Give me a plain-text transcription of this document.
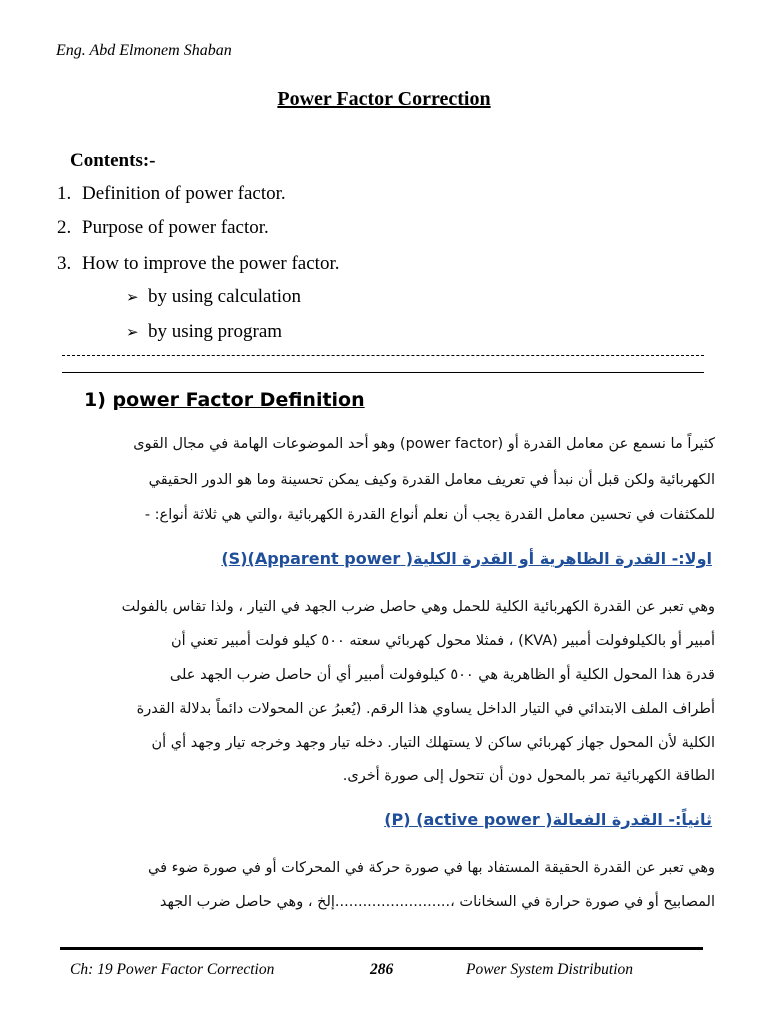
Eng. Abd Elmonem Shaban
Power Factor Correction
Contents:-
1. Definition of power factor.
2. Purpose of power factor.
3. How to improve the power factor.
➢ by using calculation
➢ by using program
1) power Factor Definition
كثيراً ما نسمع عن معامل القدرة أو (power factor) وهو أحد الموضوعات الهامة في مجال القوى
الكهربائية ولكن قبل أن نبدأ في تعريف معامل القدرة وكيف يمكن تحسينة وما هو الدور الحقيقي
للمكثفات في تحسين معامل القدرة يجب أن نعلم أنواع القدرة الكهربائية ،والتي هي ثلاثة أنواع: -
اولا:- القدرة الظاهرية أو القدرة الكلية( Apparent power)(S)
وهي تعبر عن القدرة الكهربائية الكلية للحمل وهي حاصل ضرب الجهد في التيار ، ولذا تقاس بالفولت
أمبير أو بالكيلوفولت أمبير (KVA) ، فمثلا محول كهربائي سعته ٥٠٠ كيلو فولت أمبير تعني أن
قدرة هذا المحول الكلية أو الظاهرية هي ٥٠٠ كيلوفولت أمبير أي أن حاصل ضرب الجهد على
أطراف الملف الابتدائي في التيار الداخل يساوي هذا الرقم. (يُعبرُ عن المحولات دائماً بدلالة القدرة
الكلية لأن المحول جهاز كهربائي ساكن لا يستهلك التيار. دخله تيار وجهد وخرجه تيار وجهد أي أن
الطاقة الكهربائية تمر بالمحول دون أن تتحول إلى صورة أخرى.
ثانياً:- القدرة الفعالة( active power) (P)
وهي تعبر عن القدرة الحقيقة المستفاد بها في صورة حركة في المحركات أو في صورة ضوء في
المصابيح أو في صورة حرارة في السخانات ،.........................إلخ ، وهي حاصل ضرب الجهد
Ch: 19 Power Factor Correction	286	Power System Distribution
